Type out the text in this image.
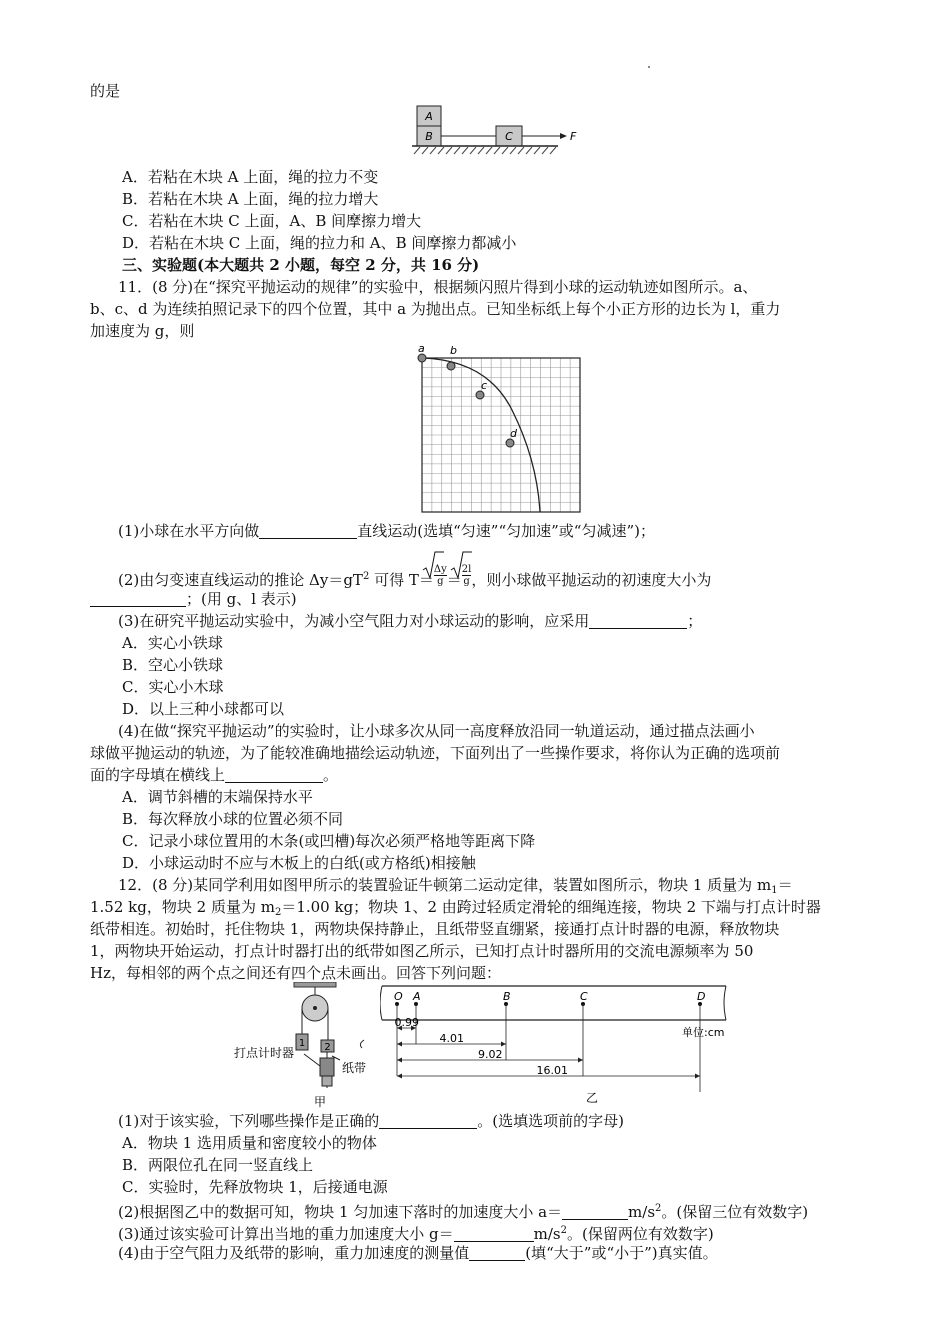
的是
A
B	C	F
A．若粘在木块 A 上面，绳的拉力不变
B．若粘在木块 A 上面，绳的拉力增大
C．若粘在木块 C 上面，A、B 间摩擦力增大
D．若粘在木块 C 上面，绳的拉力和 A、B 间摩擦力都减小
三、实验题(本大题共 2 小题，每空 2 分，共 16 分)
11．(8 分)在“探究平抛运动的规律”的实验中，根据频闪照片得到小球的运动轨迹如图所示。a、
b、c、d 为连续拍照记录下的四个位置，其中 a 为抛出点。已知坐标纸上每个小正方形的边长为 l，重力
加速度为 g，则
a b
c
d
(1)小球在水平方向做	直线运动(选填“匀速”“匀加速”或“匀减速”)；
(2)由匀变速直线运动的推论 $\Delta y=gT^2$ 可得 $T= \frac{\Delta y}{g} = \frac{2l}{g}$ ，则小球做平抛运动的初速度大小为
；(用 g、l 表示)
(3)在研究平抛运动实验中，为减小空气阻力对小球运动的影响，应采用	；
A．实心小铁球
B．空心小铁球
C．实心小木球
D．以上三种小球都可以
(4)在做“探究平抛运动”的实验时，让小球多次从同一高度释放沿同一轨道运动，通过描点法画小
球做平抛运动的轨迹，为了能较准确地描绘运动轨迹，下面列出了一些操作要求，将你认为正确的选项前
面的字母填在横线上	。
A．调节斜槽的末端保持水平
B．每次释放小球的位置必须不同
C．记录小球位置用的木条(或凹槽)每次必须严格地等距离下降
D．小球运动时不应与木板上的白纸(或方格纸)相接触
12．(8 分)某同学利用如图甲所示的装置验证牛顿第二运动定律，装置如图所示，物块 1 质量为 $m_1=$
1.52 kg，物块 2 质量为 $m_2=1.00$ kg；物块 1、2 由跨过轻质定滑轮的细绳连接，物块 2 下端与打点计时器
纸带相连。初始时，托住物块 1，两物块保持静止，且纸带竖直绷紧，接通打点计时器的电源，释放物块
1，两物块开始运动，打点计时器打出的纸带如图乙所示，已知打点计时器所用的交流电源频率为 50
Hz，每相邻的两个点之间还有四个点未画出。回答下列问题：
1 2
打点计时器
纸带
甲
O A	B	C	D
0.99
4.01
9.02
16.01
单位:cm
乙
(1)对于该实验，下列哪些操作是正确的	。(选填选项前的字母)
A．物块 1 选用质量和密度较小的物体
B．两限位孔在同一竖直线上
C．实验时，先释放物块 1，后接通电源
(2)根据图乙中的数据可知，物块 1 匀加速下落时的加速度大小 a＝	$m/s^2$。(保留三位有效数字)
(3)通过该实验可计算出当地的重力加速度大小 g＝	$m/s^2$。(保留两位有效数字)
(4)由于空气阻力及纸带的影响，重力加速度的测量值	(填“大于”或“小于”)真实值。
